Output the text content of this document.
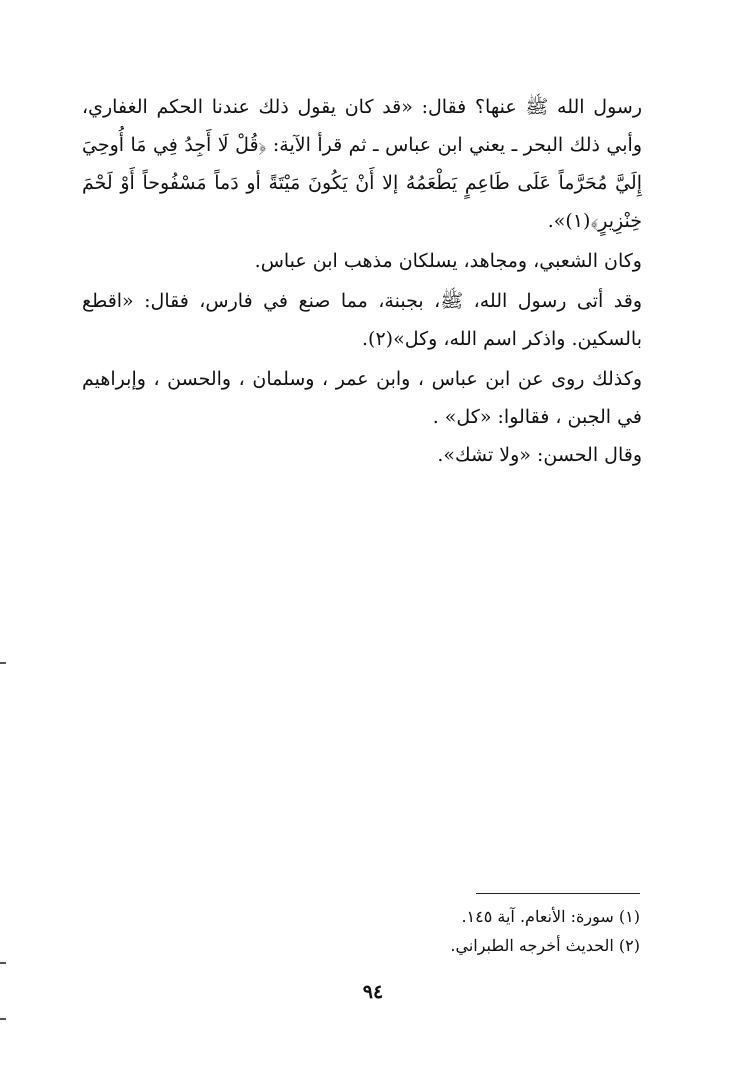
رسول الله ﷺ عنها؟ فقال: «قد كان يقول ذلك عندنا الحكم الغفاري، وأبي ذلك البحر ـ يعني ابن عباس ـ ثم قرأ الآية: ﴿قُلْ لَا أَجِدُ فِي مَا أُوحِيَ إِلَيَّ مُحَرَّماً عَلَى طَاعِمٍ يَطْعَمُهُ إلا أَنْ يَكُونَ مَيْتَةً أو دَماً مَسْفُوحاً أَوْ لَحْمَ خِنْزِيرٍ﴾(١)».

وكان الشعبي، ومجاهد، يسلكان مذهب ابن عباس.

وقد أتى رسول الله، ﷺ، بجبنة، مما صنع في فارس، فقال: «اقطع بالسكين. واذكر اسم الله، وكل»(٢).

وكذلك روى عن ابن عباس ، وابن عمر ، وسلمان ، والحسن ، وإبراهيم في الجبن ، فقالوا: «كل» .

وقال الحسن: «ولا تشك».

(١) سورة: الأنعام. آية ١٤٥.

(٢) الحديث أخرجه الطبراني.

٩٤
